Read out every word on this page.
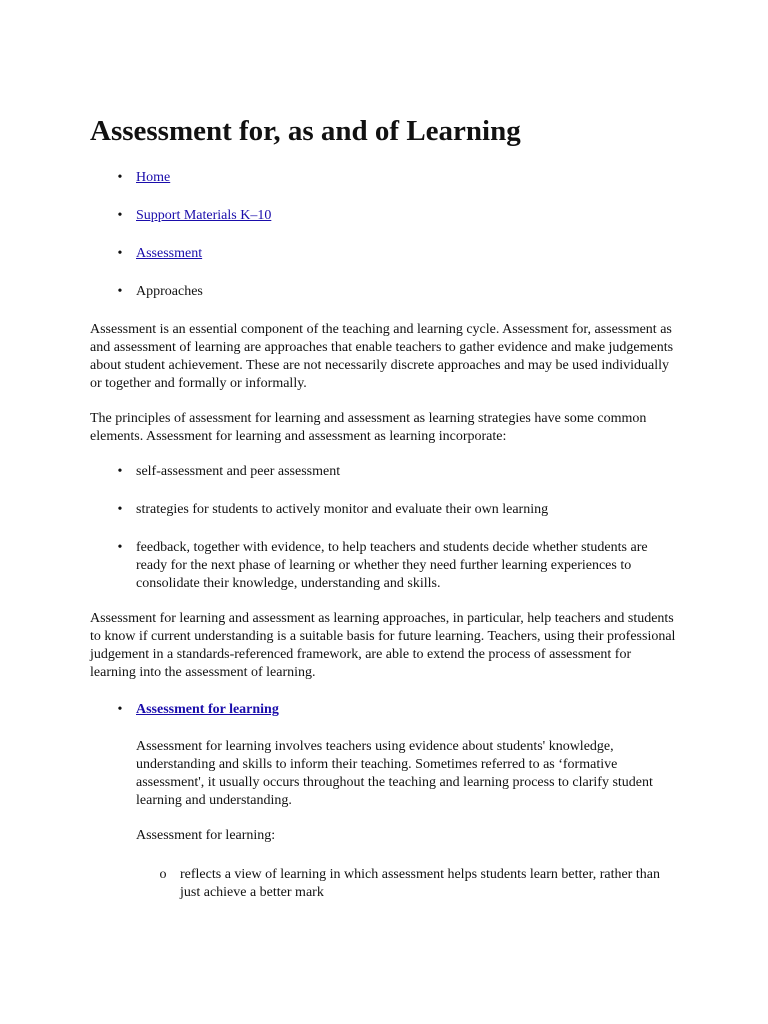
Assessment for, as and of Learning
• Home
• Support Materials K–10
• Assessment
• Approaches

Assessment is an essential component of the teaching and learning cycle. Assessment for, assessment as and assessment of learning are approaches that enable teachers to gather evidence and make judgements about student achievement. These are not necessarily discrete approaches and may be used individually or together and formally or informally.

The principles of assessment for learning and assessment as learning strategies have some common elements. Assessment for learning and assessment as learning incorporate:

• self-assessment and peer assessment
• strategies for students to actively monitor and evaluate their own learning
• feedback, together with evidence, to help teachers and students decide whether students are ready for the next phase of learning or whether they need further learning experiences to consolidate their knowledge, understanding and skills.

Assessment for learning and assessment as learning approaches, in particular, help teachers and students to know if current understanding is a suitable basis for future learning. Teachers, using their professional judgement in a standards-referenced framework, are able to extend the process of assessment for learning into the assessment of learning.

• Assessment for learning

Assessment for learning involves teachers using evidence about students' knowledge, understanding and skills to inform their teaching. Sometimes referred to as ‘formative assessment', it usually occurs throughout the teaching and learning process to clarify student learning and understanding.

Assessment for learning:

o reflects a view of learning in which assessment helps students learn better, rather than just achieve a better mark
